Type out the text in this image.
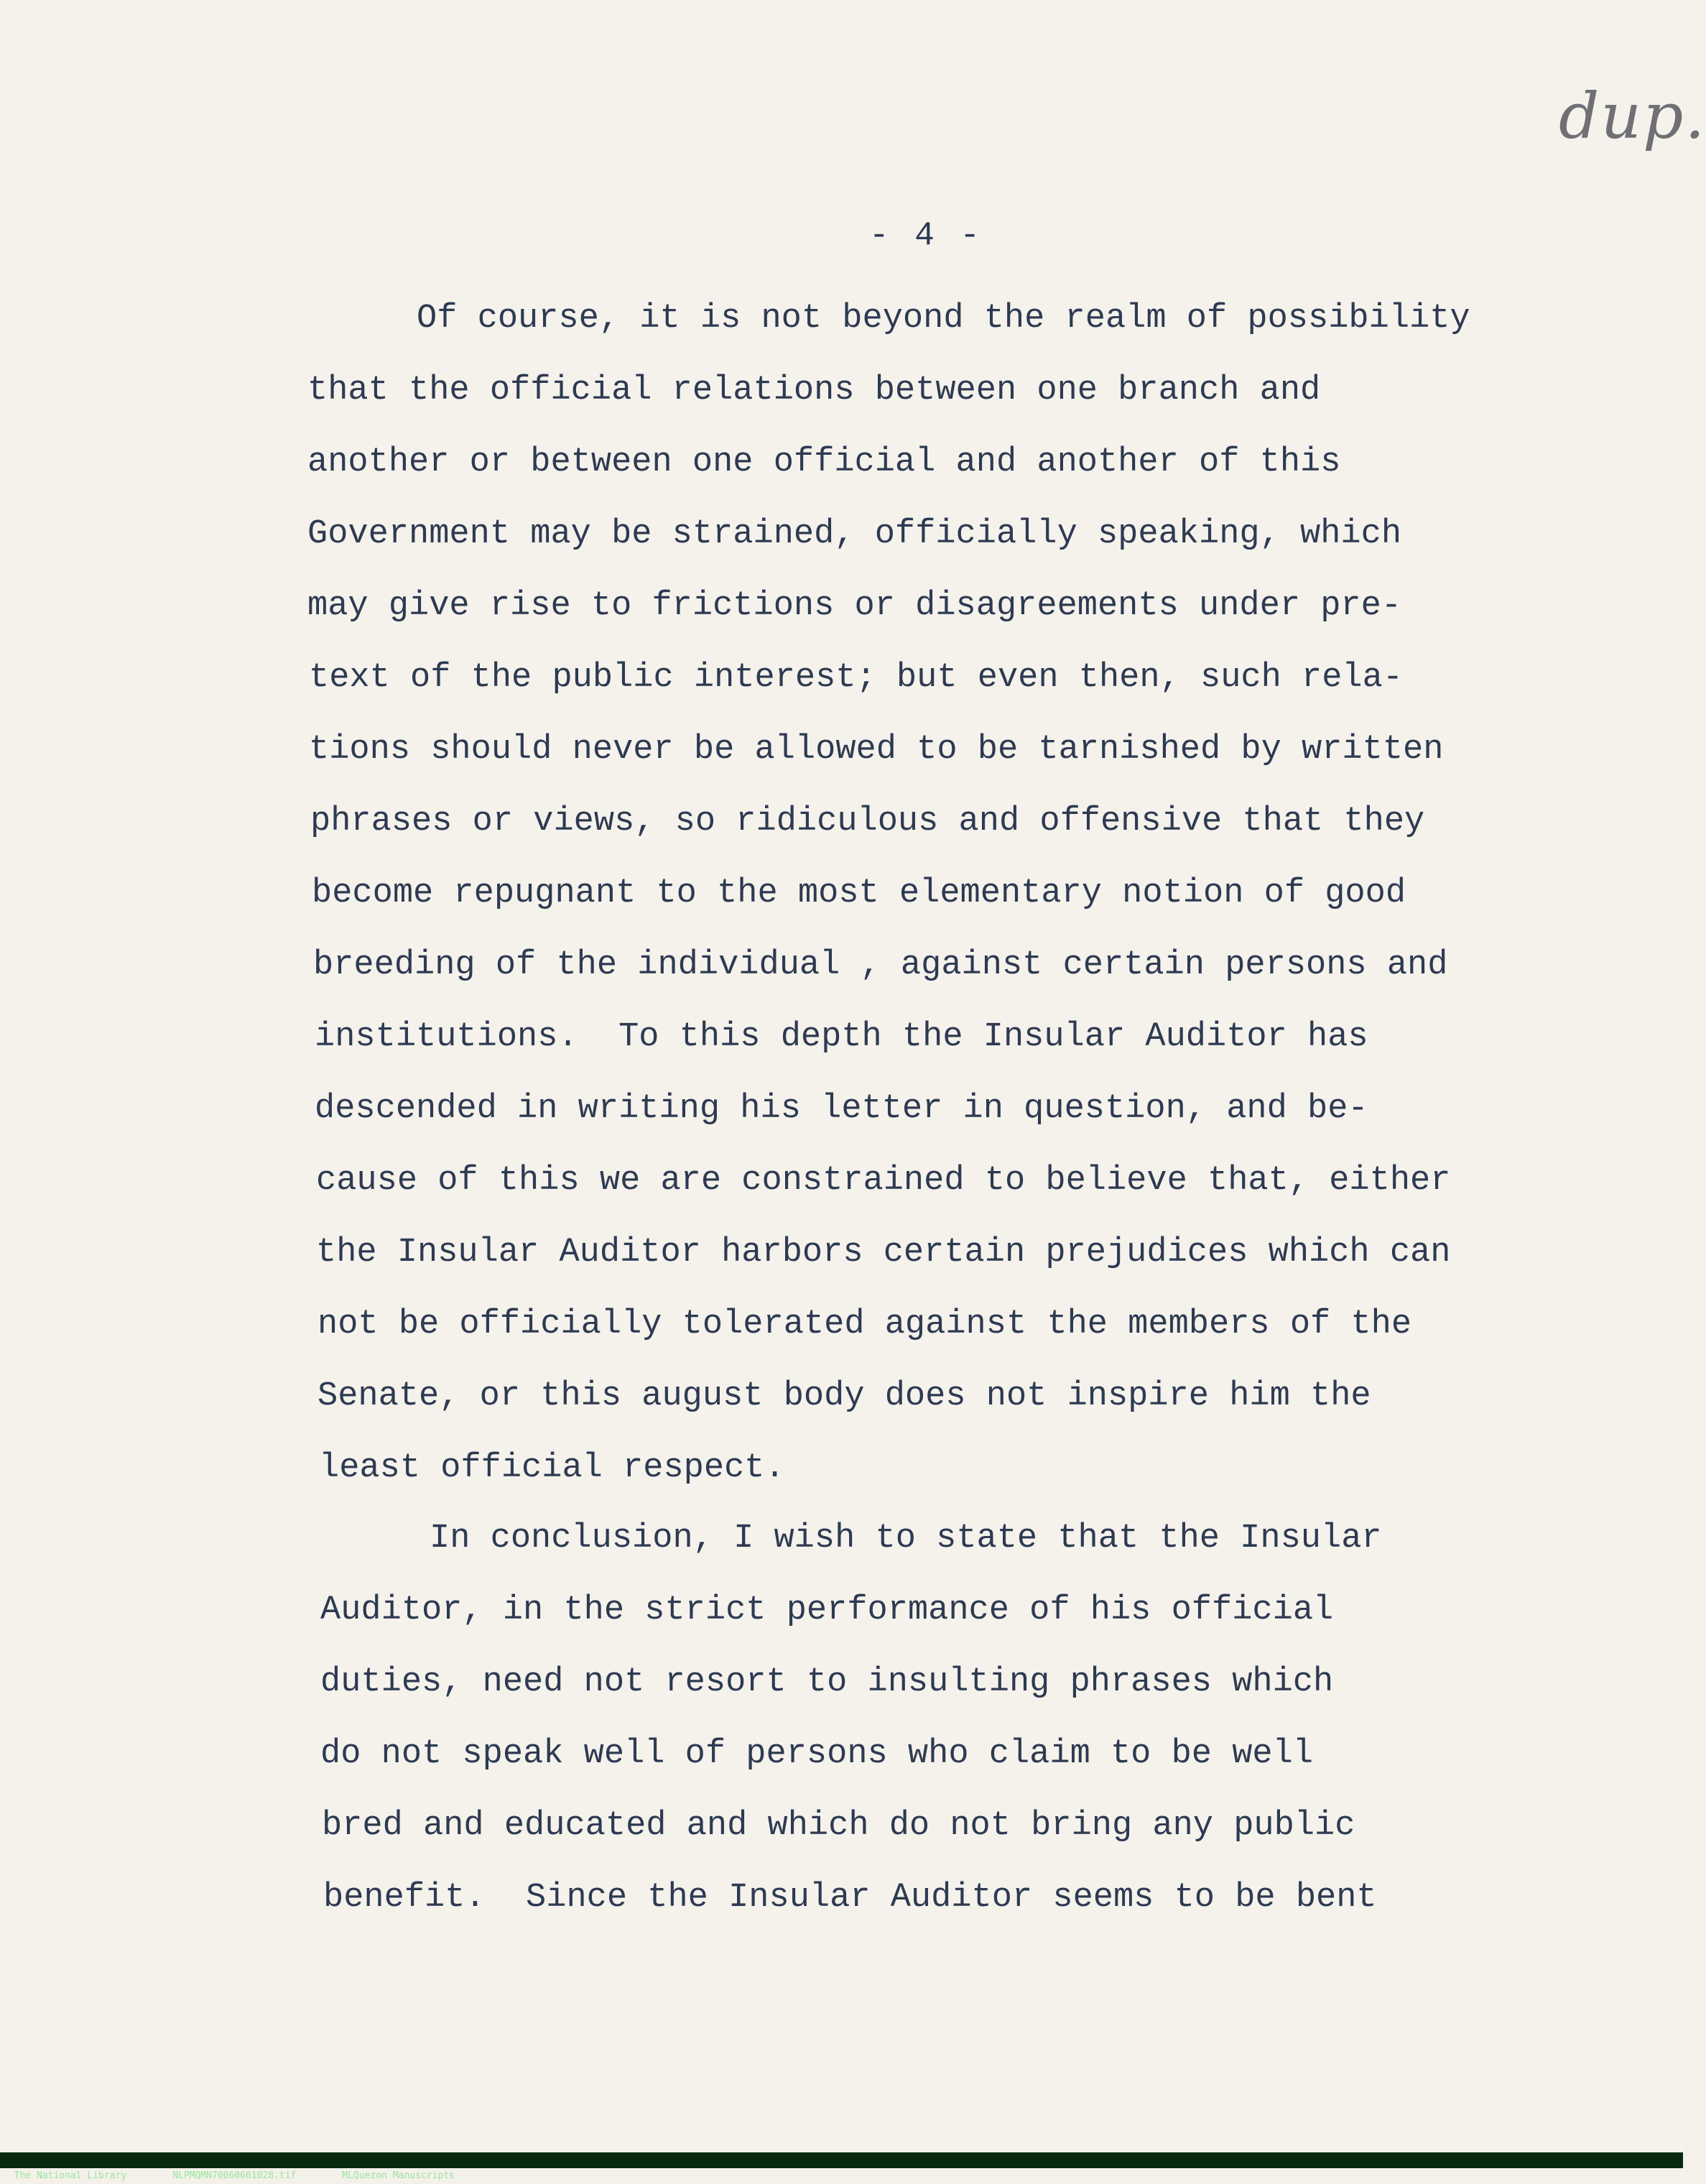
dup.
- 4 -
Of course, it is not beyond the realm of possibility
that the official relations between one branch and
another or between one official and another of this
Government may be strained, officially speaking, which
may give rise to frictions or disagreements under pre-
text of the public interest; but even then, such rela-
tions should never be allowed to be tarnished by written
phrases or views, so ridiculous and offensive that they
become repugnant to the most elementary notion of good
breeding of the individual , against certain persons and
institutions.  To this depth the Insular Auditor has
descended in writing his letter in question, and be-
cause of this we are constrained to believe that, either
the Insular Auditor harbors certain prejudices which can
not be officially tolerated against the members of the
Senate, or this august body does not inspire him the
least official respect.
In conclusion, I wish to state that the Insular
Auditor, in the strict performance of his official
duties, need not resort to insulting phrases which
do not speak well of persons who claim to be well
bred and educated and which do not bring any public
benefit.  Since the Insular Auditor seems to be bent

The National Library	NLPMQMN70060601028.tif	MLQuezon Manuscripts
